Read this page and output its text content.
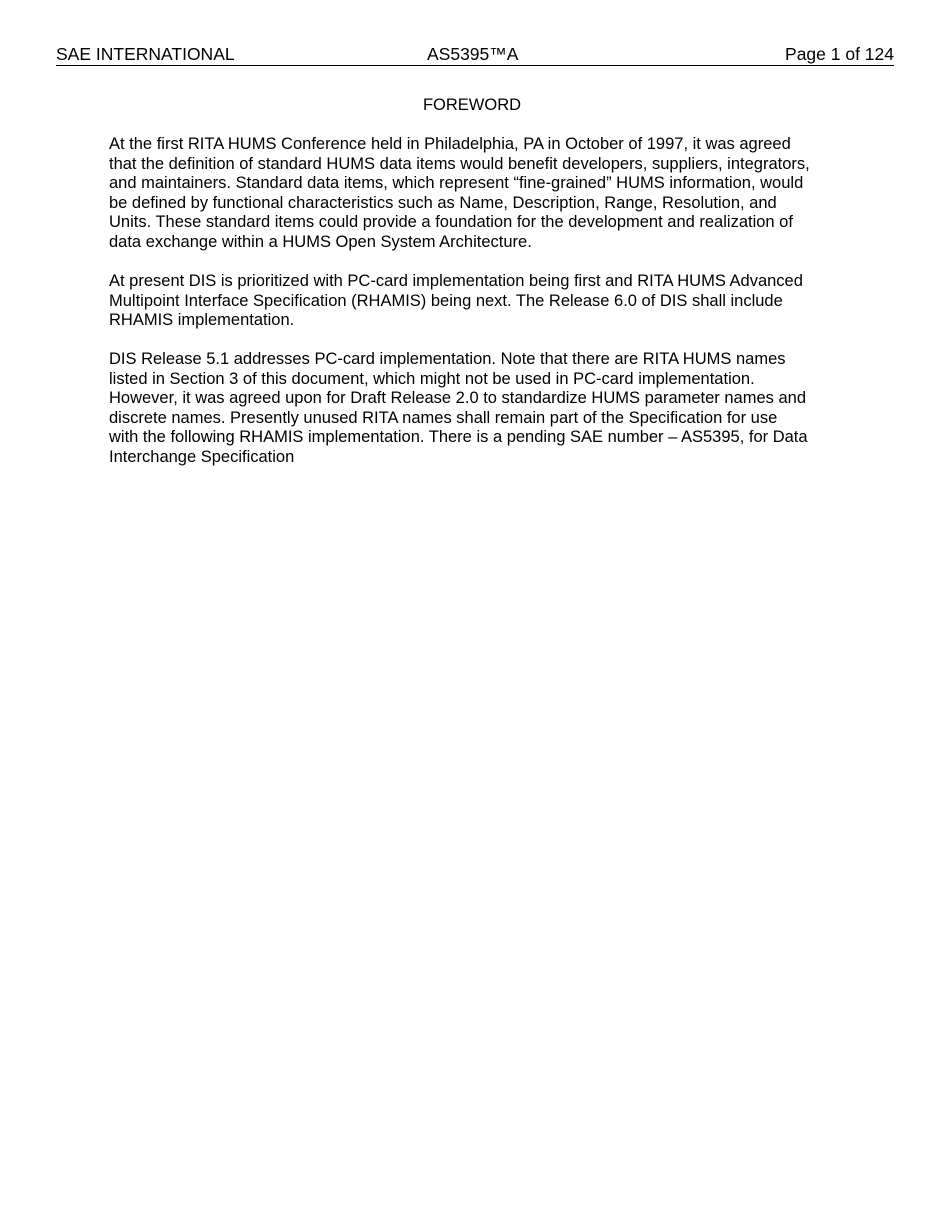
SAE INTERNATIONAL	AS5395™A	Page 1 of 124
FOREWORD
At the first RITA HUMS Conference held in Philadelphia, PA in October of 1997, it was agreed
that the definition of standard HUMS data items would benefit developers, suppliers, integrators,
and maintainers. Standard data items, which represent “fine-grained” HUMS information, would
be defined by functional characteristics such as Name, Description, Range, Resolution, and
Units. These standard items could provide a foundation for the development and realization of
data exchange within a HUMS Open System Architecture.
At present DIS is prioritized with PC-card implementation being first and RITA HUMS Advanced
Multipoint Interface Specification (RHAMIS) being next. The Release 6.0 of DIS shall include
RHAMIS implementation.
DIS Release 5.1 addresses PC-card implementation. Note that there are RITA HUMS names
listed in Section 3 of this document, which might not be used in PC-card implementation.
However, it was agreed upon for Draft Release 2.0 to standardize HUMS parameter names and
discrete names. Presently unused RITA names shall remain part of the Specification for use
with the following RHAMIS implementation. There is a pending SAE number – AS5395, for Data
Interchange Specification
